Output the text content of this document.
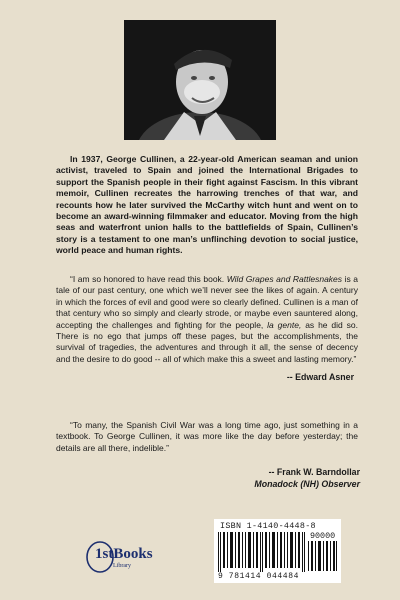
In 1937, George Cullinen, a 22-year-old American seaman and union activist, traveled to Spain and joined the International Brigades to support the Spanish people in their fight against Fascism. In this vibrant memoir, Cullinen recreates the harrowing trenches of that war, and recounts how he later survived the McCarthy witch hunt and went on to become an award-winning filmmaker and educator. Moving from the high seas and waterfront union halls to the battlefields of Spain, Cullinen’s story is a testament to one man’s unflinching devotion to social justice, world peace and human rights.

“I am so honored to have read this book. Wild Grapes and Rattlesnakes is a tale of our past century, one which we’ll never see the likes of again. A century in which the forces of evil and good were so clearly defined. Cullinen is a man of that century who so simply and clearly strode, or maybe even sauntered along, accepting the challenges and fighting for the people, la gente, as he did so. There is no ego that jumps off these pages, but the accomplishments, the survival of tragedies, the adventures and through it all, the sense of decency and the desire to do good -- all of which make this a sweet and lasting memory.”

-- Edward Asner

“To many, the Spanish Civil War was a long time ago, just something in a textbook. To George Cullinen, it was more like the day before yesterday; the details are all there, indelible.”

-- Frank W. Barndollar
Monadock (NH) Observer
1stBooks
Library
ISBN 1-4140-4448-8
90000
9 781414 044484
